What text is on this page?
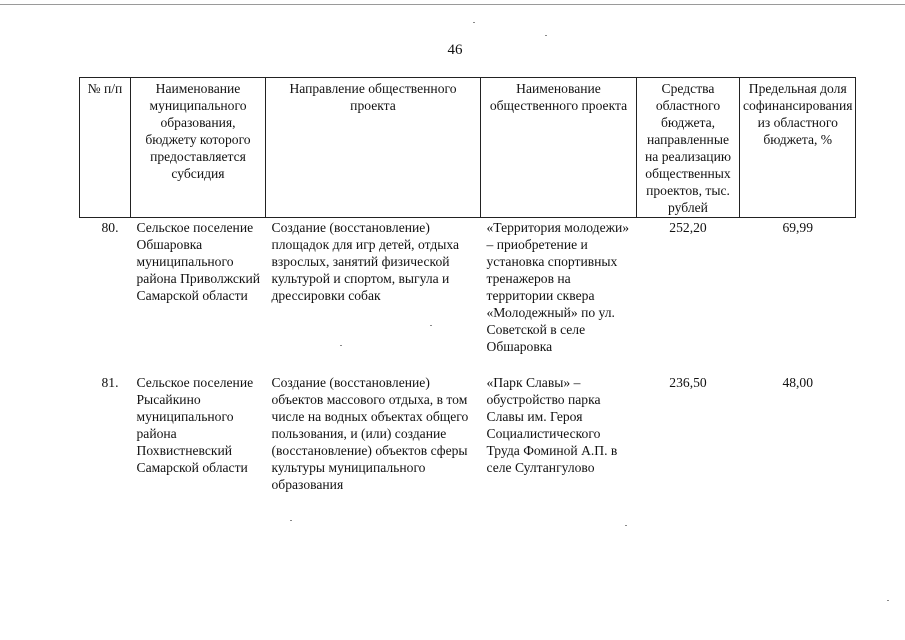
46
№ п/п	Наименование муниципального образования, бюджету которого предоставляется субсидия	Направление общественного проекта	Наименование общественного проекта	Средства областного бюджета, направленные на реализацию общественных проектов, тыс. рублей	Предельная доля софинансирования из областного бюджета, %
80.	Сельское поселение Обшаровка муниципального района Приволжский Самарской области	Создание (восстановление) площадок для игр детей, отдыха взрослых, занятий физической культурой и спортом, выгула и дрессировки собак	«Территория молодежи» – приобретение и установка спортивных тренажеров на территории сквера «Молодежный» по ул. Советской в селе Обшаровка	252,20	69,99
81.	Сельское поселение Рысайкино муниципального района Похвистневский Самарской области	Создание (восстановление) объектов массового отдыха, в том числе на водных объектах общего пользования, и (или) создание (восстановление) объектов сферы культуры муниципального образования	«Парк Славы» – обустройство парка Славы им. Героя Социалистического Труда Фоминой А.П. в селе Султангулово	236,50	48,00
